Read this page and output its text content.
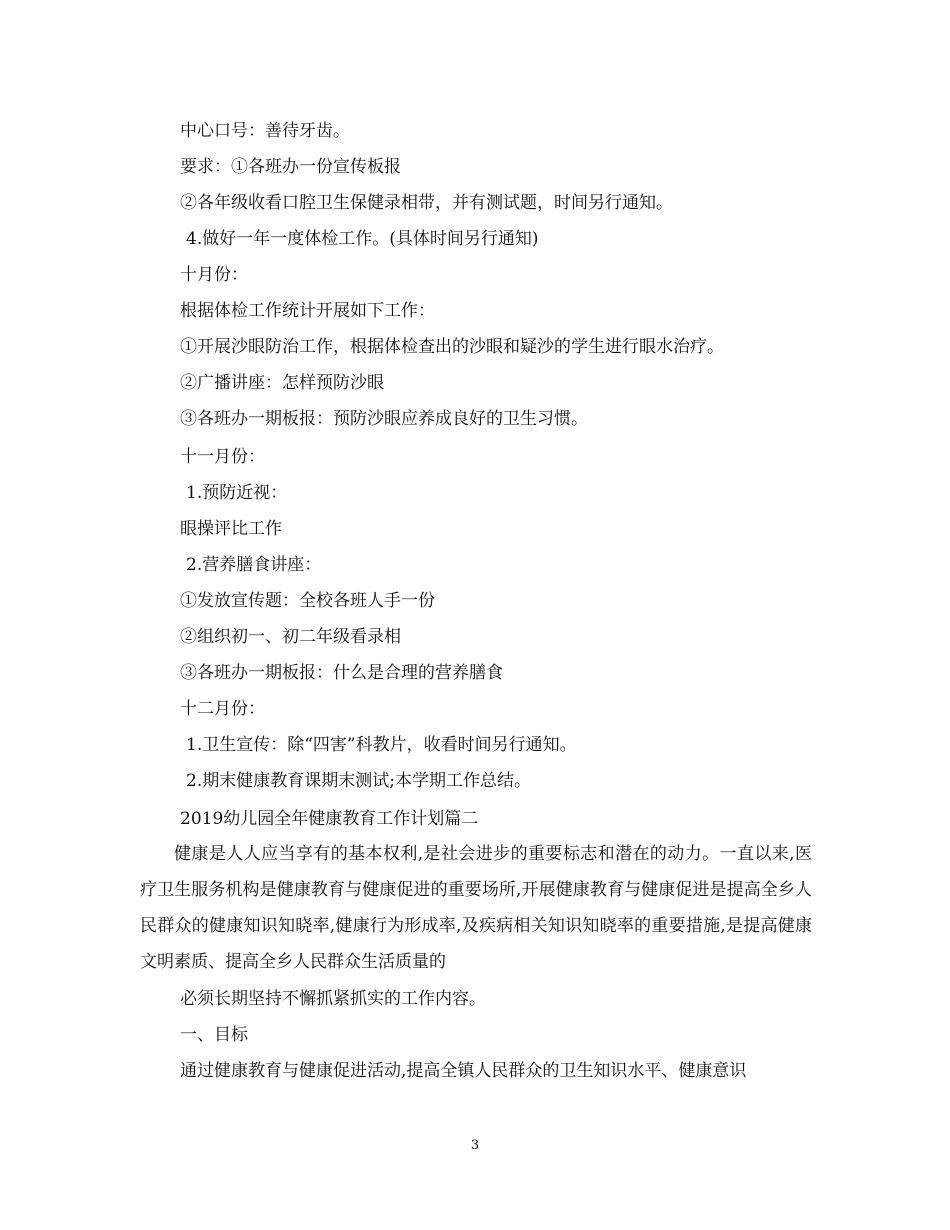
中心口号：善待牙齿。
要求：①各班办一份宣传板报
②各年级收看口腔卫生保健录相带，并有测试题，时间另行通知。
4.做好一年一度体检工作。(具体时间另行通知)
十月份：
根据体检工作统计开展如下工作：
①开展沙眼防治工作，根据体检查出的沙眼和疑沙的学生进行眼水治疗。
②广播讲座：怎样预防沙眼
③各班办一期板报：预防沙眼应养成良好的卫生习惯。
十一月份：
1.预防近视：
眼操评比工作
2.营养膳食讲座：
①发放宣传题：全校各班人手一份
②组织初一、初二年级看录相
③各班办一期板报：什么是合理的营养膳食
十二月份：
1.卫生宣传：除“四害”科教片，收看时间另行通知。
2.期末健康教育课期末测试;本学期工作总结。
2019幼儿园全年健康教育工作计划篇二
健康是人人应当享有的基本权利,是社会进步的重要标志和潜在的动力。一直以来,医疗卫生服务机构是健康教育与健康促进的重要场所,开展健康教育与健康促进是提高全乡人民群众的健康知识知晓率,健康行为形成率,及疾病相关知识知晓率的重要措施,是提高健康文明素质、提高全乡人民群众生活质量的
必须长期坚持不懈抓紧抓实的工作内容。
一、目标
通过健康教育与健康促进活动,提高全镇人民群众的卫生知识水平、健康意识
3
